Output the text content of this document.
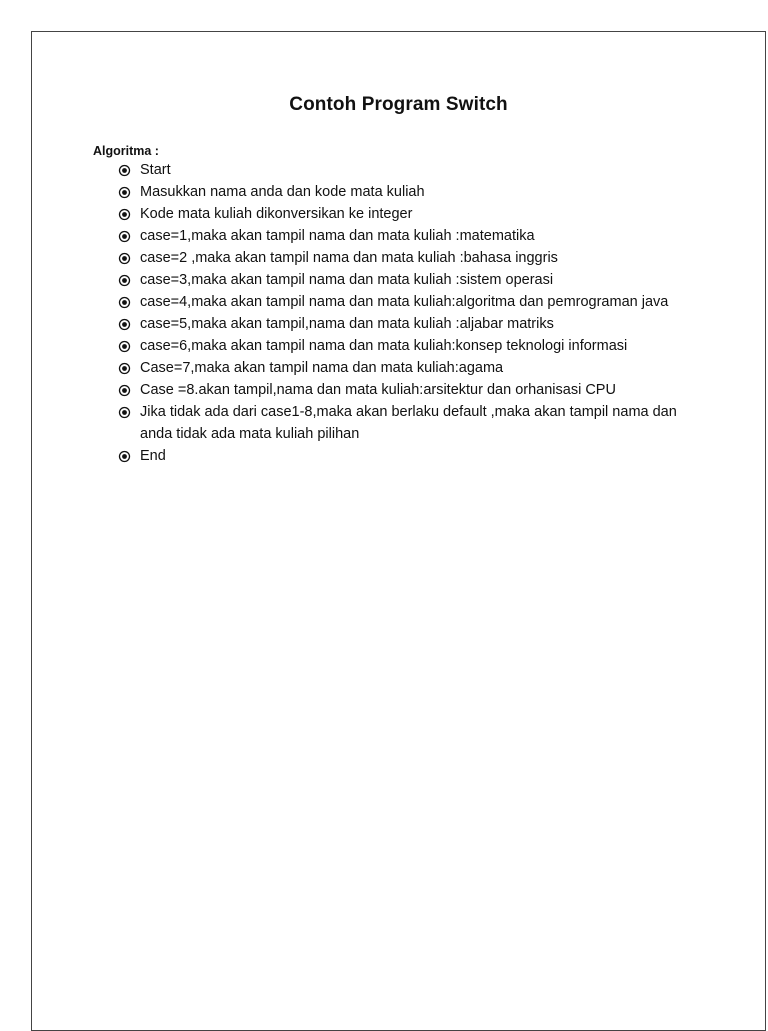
Contoh Program Switch
Algoritma :
Start
Masukkan nama anda dan kode mata kuliah
Kode mata kuliah dikonversikan ke integer
case=1,maka akan tampil nama dan mata kuliah :matematika
case=2 ,maka akan tampil nama dan mata kuliah :bahasa inggris
case=3,maka akan tampil nama dan mata kuliah :sistem operasi
case=4,maka akan tampil nama dan mata kuliah:algoritma dan pemrograman java
case=5,maka akan tampil,nama dan mata kuliah :aljabar matriks
case=6,maka akan tampil nama dan mata kuliah:konsep teknologi informasi
Case=7,maka akan tampil nama dan mata kuliah:agama
Case =8.akan tampil,nama dan mata kuliah:arsitektur dan orhanisasi CPU
Jika tidak ada dari case1-8,maka akan berlaku default ,maka akan tampil nama dan anda tidak ada mata kuliah pilihan
End
